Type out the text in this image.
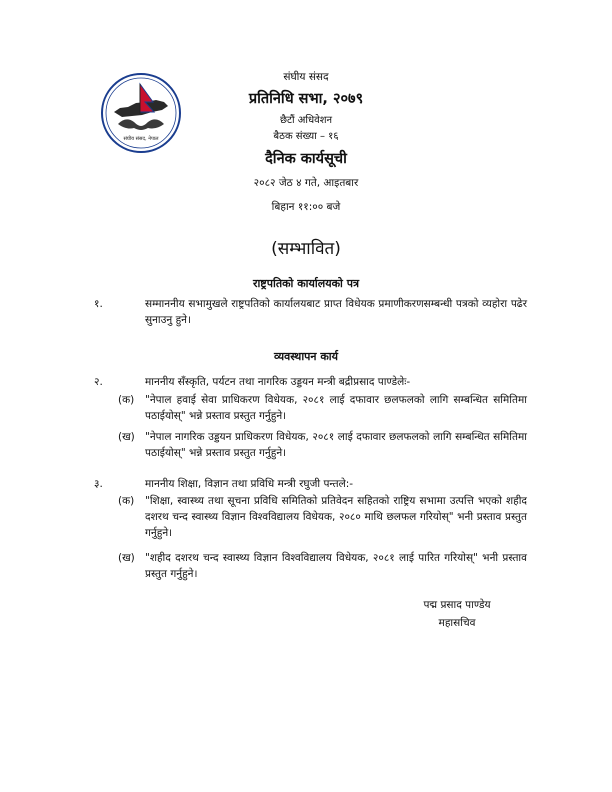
संघीय संसद, नेपाल
संघीय संसद
प्रतिनिधि सभा, २०७९
छैटौं अधिवेशन
बैठक संख्या – १६
दैनिक कार्यसूची
२०८२ जेठ ४ गते, आइतबार
बिहान ११:०० बजे
(सम्भावित)
राष्ट्रपतिको कार्यालयको पत्र
१.	सम्माननीय सभामुखले राष्ट्रपतिको कार्यालयबाट प्राप्त विधेयक प्रमाणीकरणसम्बन्धी पत्रको व्यहोरा पढेर सुनाउनु हुने।
व्यवस्थापन कार्य
२.	माननीय सँस्कृति, पर्यटन तथा नागरिक उड्डयन मन्त्री बद्रीप्रसाद पाण्डेलेः-
(क) "नेपाल हवाई सेवा प्राधिकरण विधेयक, २०८१ लाई दफावार छलफलको लागि सम्बन्धित समितिमा पठाईयोस्" भन्ने प्रस्ताव प्रस्तुत गर्नुहुने।
(ख) "नेपाल नागरिक उड्डयन प्राधिकरण विधेयक, २०८१ लाई दफावार छलफलको लागि सम्बन्धित समितिमा पठाईयोस्" भन्ने प्रस्ताव प्रस्तुत गर्नुहुने।
३.	माननीय शिक्षा, विज्ञान तथा प्रविधि मन्त्री रघुजी पन्तले:-
(क) "शिक्षा, स्वास्थ्य तथा सूचना प्रविधि समितिको प्रतिवेदन सहितको राष्ट्रिय सभामा उत्पत्ति भएको शहीद दशरथ चन्द स्वास्थ्य विज्ञान विश्वविद्यालय विधेयक, २०८० माथि छलफल गरियोस्" भनी प्रस्ताव प्रस्तुत गर्नुहुने।
(ख) "शहीद दशरथ चन्द स्वास्थ्य विज्ञान विश्वविद्यालय विधेयक, २०८१ लाई पारित गरियोस्" भनी प्रस्ताव प्रस्तुत गर्नुहुने।
पद्म प्रसाद पाण्डेय
महासचिव
